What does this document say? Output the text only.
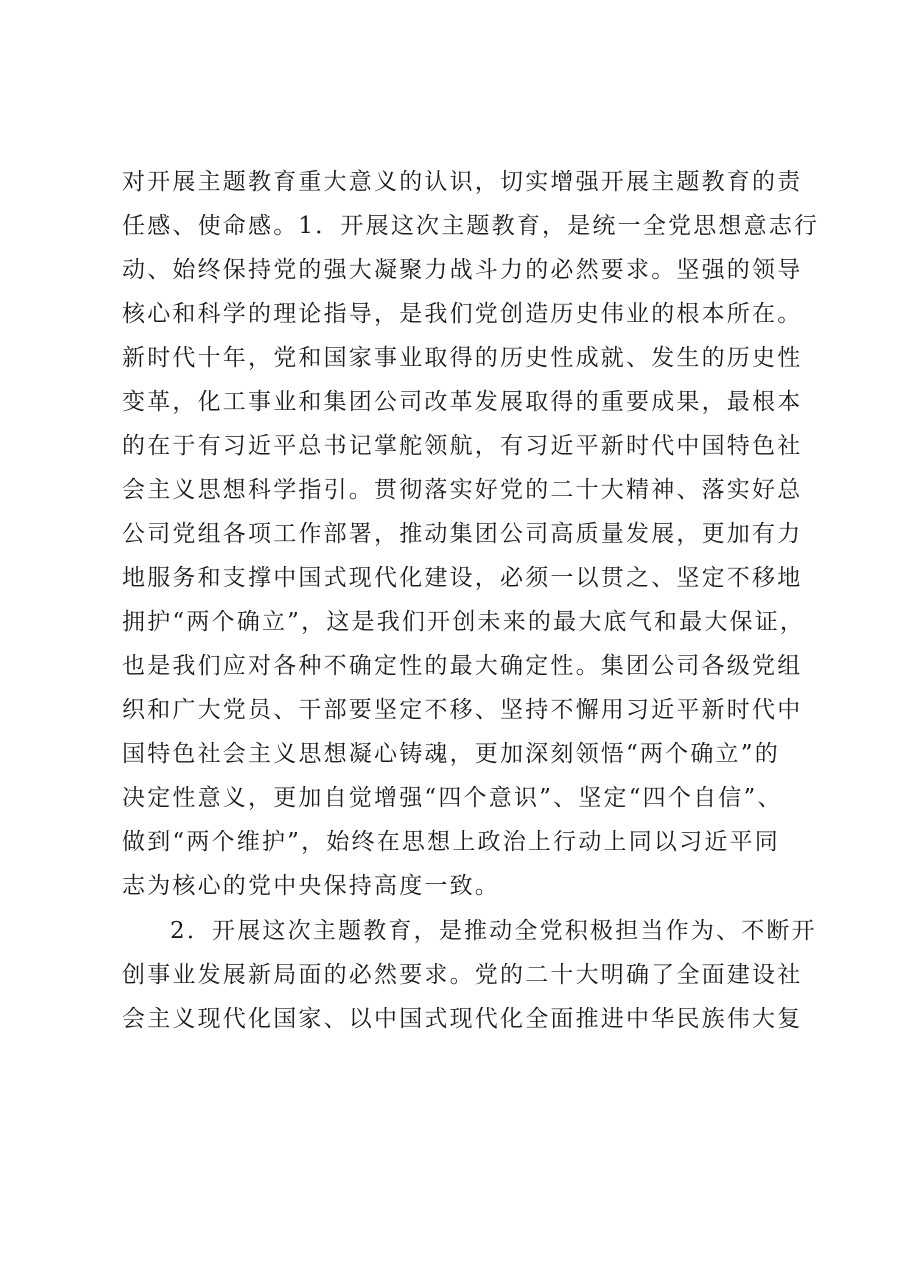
对开展主题教育重大意义的认识，切实增强开展主题教育的责
任感、使命感。1．开展这次主题教育，是统一全党思想意志行
动、始终保持党的强大凝聚力战斗力的必然要求。坚强的领导
核心和科学的理论指导，是我们党创造历史伟业的根本所在。
新时代十年，党和国家事业取得的历史性成就、发生的历史性
变革，化工事业和集团公司改革发展取得的重要成果，最根本
的在于有习近平总书记掌舵领航，有习近平新时代中国特色社
会主义思想科学指引。贯彻落实好党的二十大精神、落实好总
公司党组各项工作部署，推动集团公司高质量发展，更加有力
地服务和支撑中国式现代化建设，必须一以贯之、坚定不移地
拥护“两个确立”，这是我们开创未来的最大底气和最大保证，
也是我们应对各种不确定性的最大确定性。集团公司各级党组
织和广大党员、干部要坚定不移、坚持不懈用习近平新时代中
国特色社会主义思想凝心铸魂，更加深刻领悟“两个确立”的
决定性意义，更加自觉增强“四个意识”、坚定“四个自信”、
做到“两个维护”，始终在思想上政治上行动上同以习近平同
志为核心的党中央保持高度一致。
2．开展这次主题教育，是推动全党积极担当作为、不断开
创事业发展新局面的必然要求。党的二十大明确了全面建设社
会主义现代化国家、以中国式现代化全面推进中华民族伟大复
